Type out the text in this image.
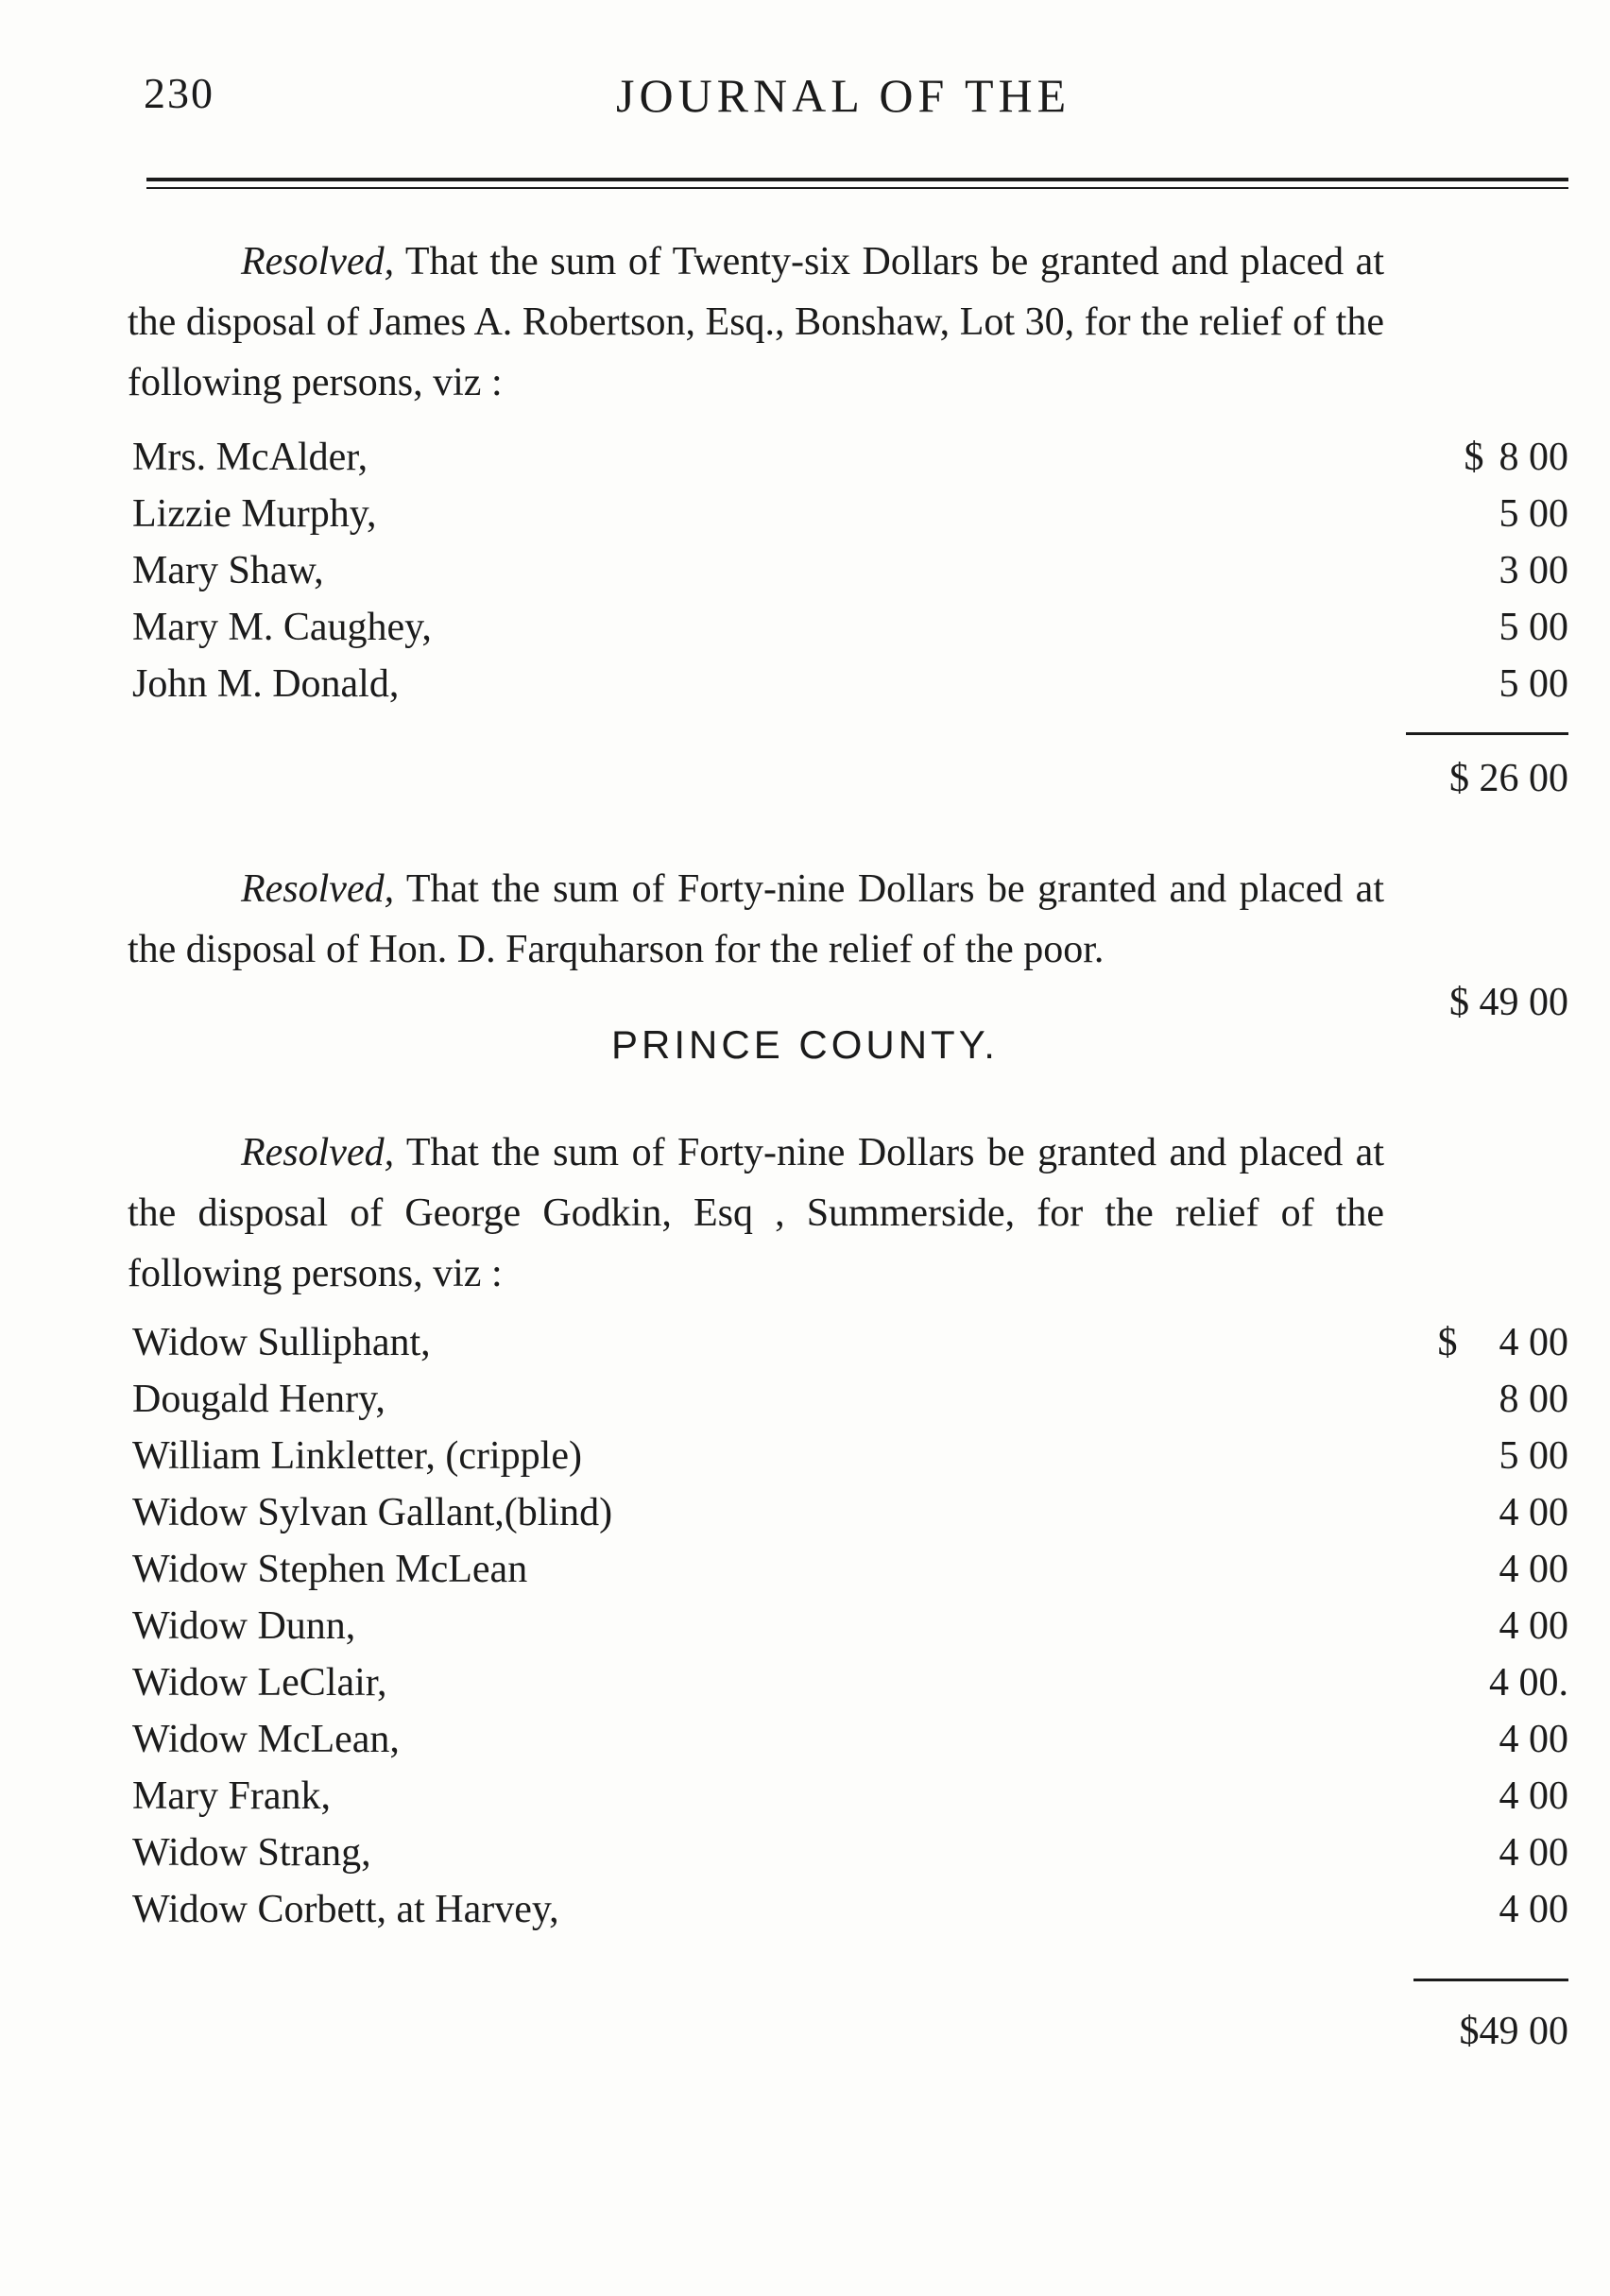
230	JOURNAL OF THE
Resolved, That the sum of Twenty-six Dollars be granted and placed at the disposal of James A. Robertson, Esq., Bonshaw, Lot 30, for the relief of the following persons, viz :
Mrs. McAlder,	$ 8 00
Lizzie Murphy,	5 00
Mary Shaw,	3 00
Mary M. Caughey,	5 00
John M. Donald,	5 00
$ 26 00
Resolved, That the sum of Forty-nine Dollars be granted and placed at the disposal of Hon. D. Farquharson for the relief of the poor.
$ 49 00
PRINCE COUNTY.
Resolved, That the sum of Forty-nine Dollars be granted and placed at the disposal of George Godkin, Esq , Summerside, for the relief of the following persons, viz :
Widow Sulliphant,	$ 4 00
Dougald Henry,	8 00
William Linkletter, (cripple)	5 00
Widow Sylvan Gallant,(blind)	4 00
Widow Stephen McLean	4 00
Widow Dunn,	4 00
Widow LeClair,	4 00.
Widow McLean,	4 00
Mary Frank,	4 00
Widow Strang,	4 00
Widow Corbett, at Harvey,	4 00
$49 00
